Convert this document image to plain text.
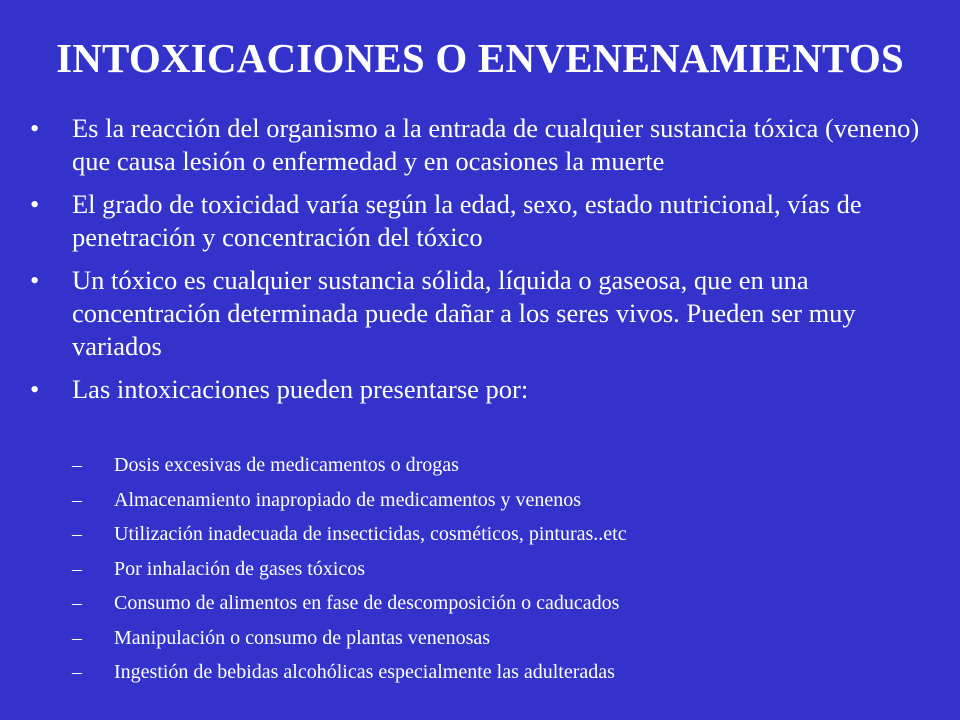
INTOXICACIONES O ENVENENAMIENTOS
•	Es la reacción del organismo a la entrada de cualquier sustancia tóxica (veneno) que causa lesión o enfermedad y en ocasiones la muerte
•	El grado de toxicidad varía según la edad, sexo, estado nutricional, vías de penetración y concentración del tóxico
•	Un tóxico es cualquier sustancia sólida, líquida o gaseosa, que en una concentración determinada puede dañar a los seres vivos. Pueden ser muy variados
•	Las intoxicaciones pueden presentarse por:
–	Dosis excesivas de medicamentos o drogas
–	Almacenamiento inapropiado de medicamentos y venenos
–	Utilización inadecuada de insecticidas, cosméticos, pinturas..etc
–	Por inhalación de gases tóxicos
–	Consumo de alimentos en fase de descomposición o caducados
–	Manipulación o consumo de plantas venenosas
–	Ingestión de bebidas alcohólicas especialmente las adulteradas
